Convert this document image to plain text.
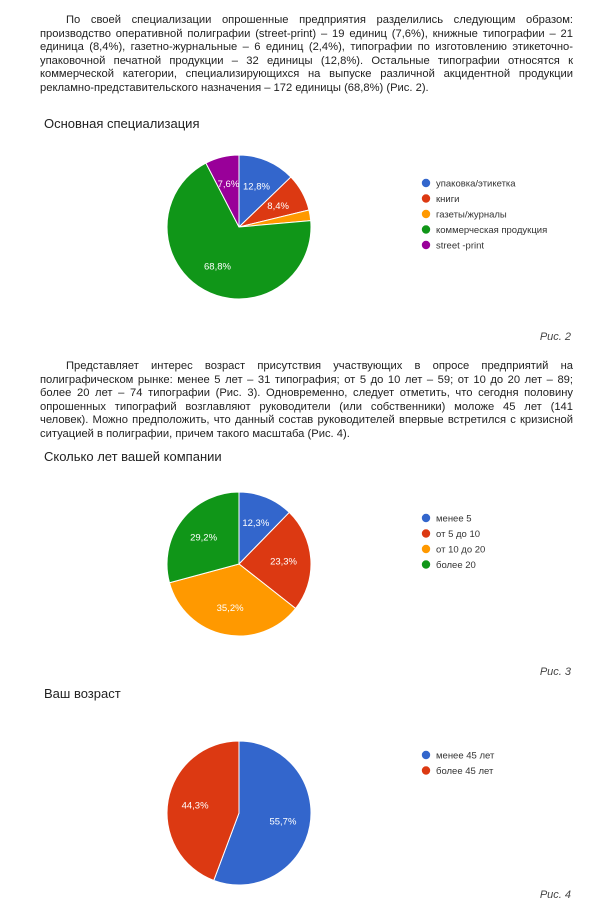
По своей специализации опрошенные предприятия разделились следующим образом: производство оперативной полиграфии (street-print) – 19 единиц (7,6%), книжные типографии – 21 единица (8,4%), газетно-журнальные – 6 единиц (2,4%), типографии по изготовлению этикеточно-упаковочной печатной продукции – 32 единицы (12,8%). Остальные типографии относятся к коммерческой категории, специализирующихся на выпуске различной акцидентной продукции рекламно-представительского назначения – 172 единицы (68,8%) (Рис. 2).

Основная специализация
12,8%	упаковка/этикетка
8,4%
книги
газеты/журналы
68,8%
коммерческая продукция
7,6%
street -print
Рис. 2

Представляет интерес возраст присутствия участвующих в опросе предприятий на полиграфическом рынке: менее 5 лет – 31 типография; от 5 до 10 лет – 59; от 10 до 20 лет – 89; более 20 лет – 74 типографии (Рис. 3). Одновременно, следует отметить, что сегодня половину опрошенных типографий возглавляют руководители (или собственники) моложе 45 лет (141 человек). Можно предположить, что данный состав руководителей впервые встретился с кризисной ситуацией в полиграфии, причем такого масштаба (Рис. 4).

Сколько лет вашей компании
12,3%	менее 5
23,3%
от 5 до 10
35,2%
от 10 до 20
29,2%
более 20
Рис. 3
Ваш возраст
55,7%
менее 45 лет
44,3%
более 45 лет
Рис. 4
